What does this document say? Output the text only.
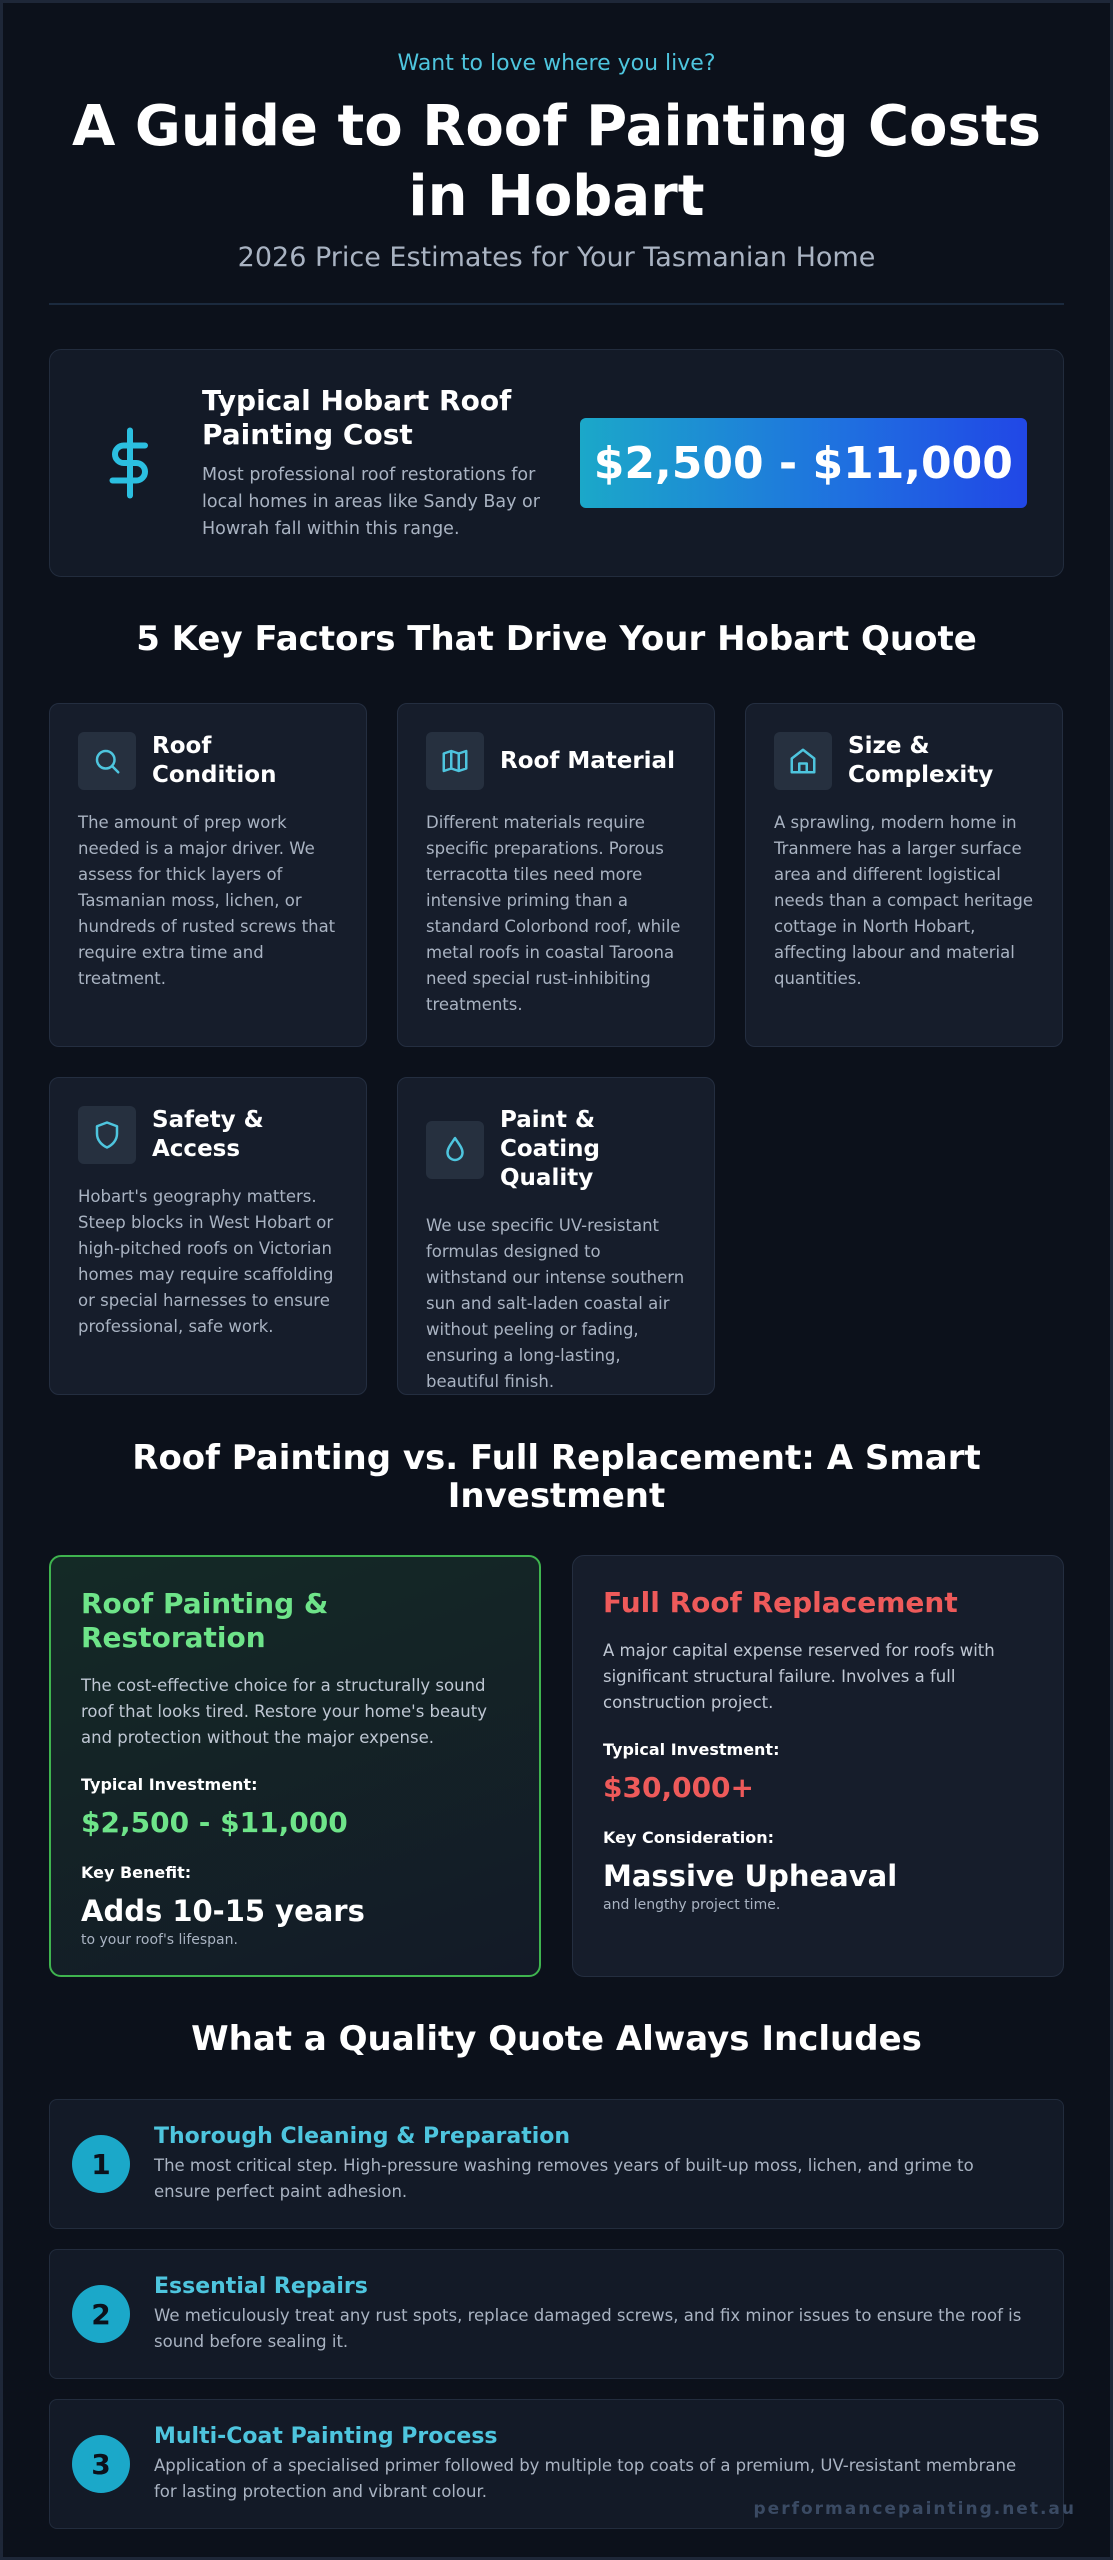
Want to love where you live?
A Guide to Roof Painting Costs in Hobart
2026 Price Estimates for Your Tasmanian Home
Typical Hobart Roof Painting Cost

Most professional roof restorations for local homes in areas like Sandy Bay or Howrah fall within this range.

$2,500 - $11,000
5 Key Factors That Drive Your Hobart Quote
Roof Condition

The amount of prep work needed is a major driver. We assess for thick layers of Tasmanian moss, lichen, or hundreds of rusted screws that require extra time and treatment.

Roof Material

Different materials require specific preparations. Porous terracotta tiles need more intensive priming than a standard Colorbond roof, while metal roofs in coastal Taroona need special rust-inhibiting treatments.

Size & Complexity

A sprawling, modern home in Tranmere has a larger surface area and different logistical needs than a compact heritage cottage in North Hobart, affecting labour and material quantities.

Safety & Access

Hobart's geography matters. Steep blocks in West Hobart or high-pitched roofs on Victorian homes may require scaffolding or special harnesses to ensure professional, safe work.

Paint & Coating Quality

We use specific UV-resistant formulas designed to withstand our intense southern sun and salt-laden coastal air without peeling or fading, ensuring a long-lasting, beautiful finish.

Roof Painting vs. Full Replacement: A Smart Investment
Roof Painting & Restoration

The cost-effective choice for a structurally sound roof that looks tired. Restore your home's beauty and protection without the major expense.

Typical Investment:
$2,500 - $11,000
Key Benefit:
Adds 10-15 years
to your roof's lifespan.
Full Roof Replacement

A major capital expense reserved for roofs with significant structural failure. Involves a full construction project.

Typical Investment:
$30,000+
Key Consideration:
Massive Upheaval
and lengthy project time.
What a Quality Quote Always Includes
1
Thorough Cleaning & Preparation

The most critical step. High-pressure washing removes years of built-up moss, lichen, and grime to ensure perfect paint adhesion.

2
Essential Repairs

We meticulously treat any rust spots, replace damaged screws, and fix minor issues to ensure the roof is sound before sealing it.

3
Multi-Coat Painting Process

Application of a specialised primer followed by multiple top coats of a premium, UV-resistant membrane for lasting protection and vibrant colour.

performancepainting.net.au
